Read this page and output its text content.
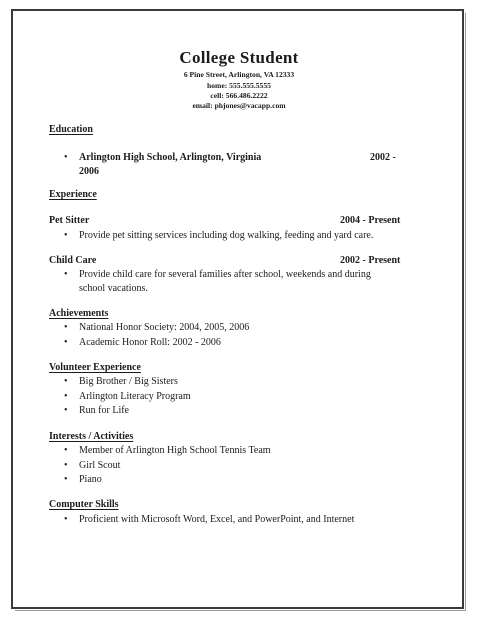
College Student
6 Pine Street, Arlington, VA 12333
home: 555.555.5555
cell: 566.486.2222
email: phjones@vacapp.com
Education
• Arlington High School, Arlington, Virginia	2002 -
2006
Experience
Pet Sitter	2004 - Present
• Provide pet sitting services including dog walking, feeding and yard care.
Child Care	2002 - Present
• Provide child care for several families after school, weekends and during
school vacations.
Achievements
• National Honor Society: 2004, 2005, 2006
• Academic Honor Roll: 2002 - 2006
Volunteer Experience
• Big Brother / Big Sisters
• Arlington Literacy Program
• Run for Life
Interests / Activities
• Member of Arlington High School Tennis Team
• Girl Scout
• Piano
Computer Skills
• Proficient with Microsoft Word, Excel, and PowerPoint, and Internet
